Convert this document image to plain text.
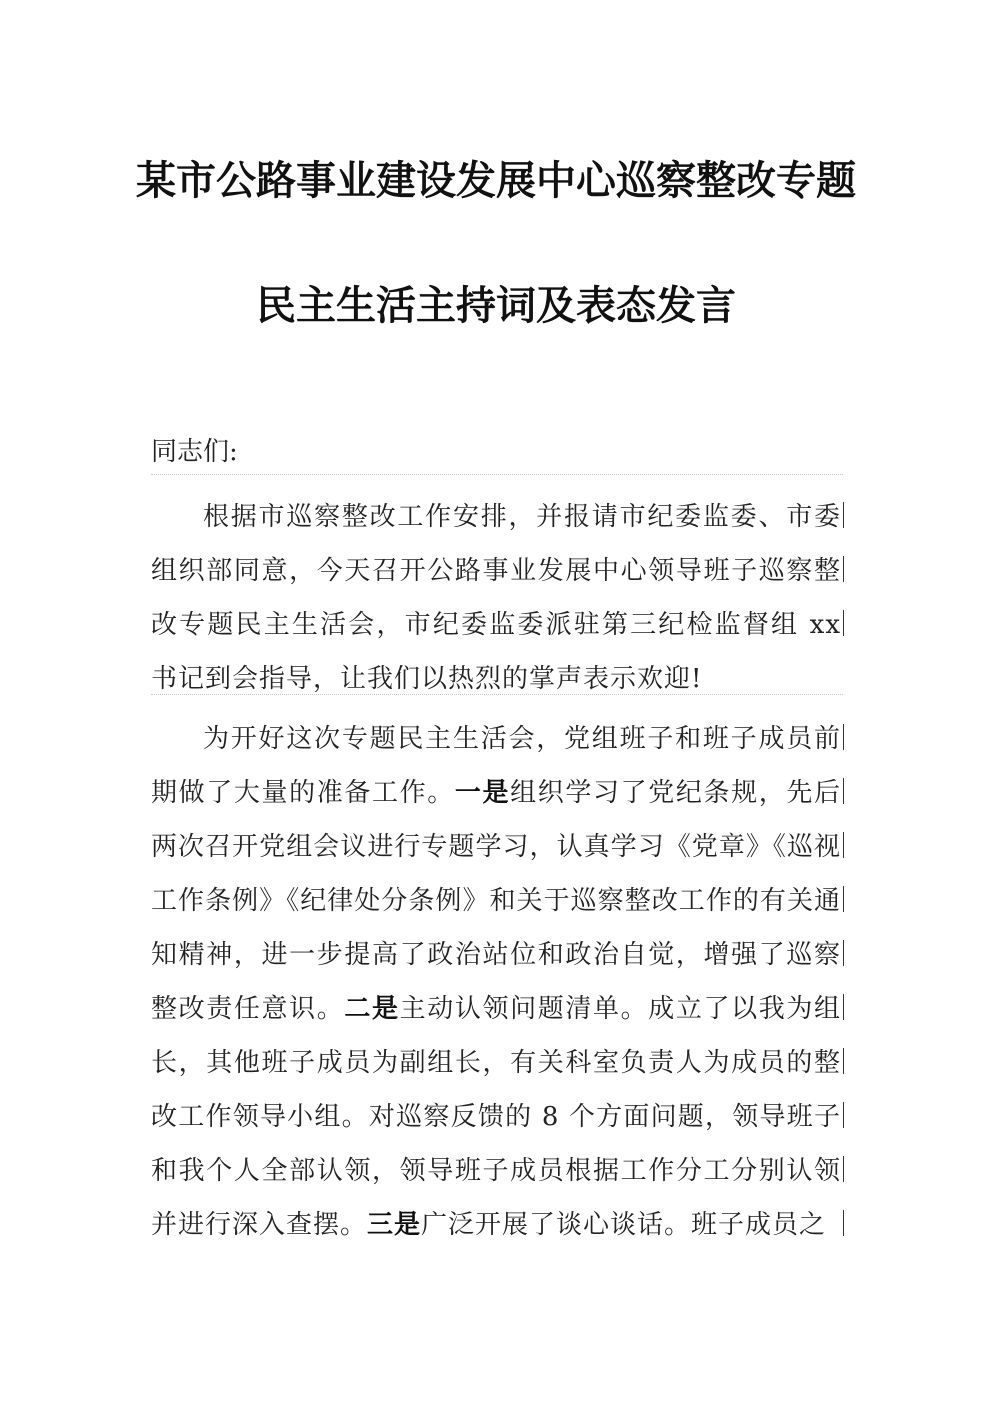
某市公路事业建设发展中心巡察整改专题
民主生活主持词及表态发言
同志们:
根据市巡察整改工作安排，并报请市纪委监委、市委组织部同意，今天召开公路事业发展中心领导班子巡察整改专题民主生活会，市纪委监委派驻第三纪检监督组 xx 书记到会指导，让我们以热烈的掌声表示欢迎!
为开好这次专题民主生活会，党组班子和班子成员前期做了大量的准备工作。一是组织学习了党纪条规，先后两次召开党组会议进行专题学习，认真学习《党章》《巡视工作条例》《纪律处分条例》和关于巡察整改工作的有关通知精神，进一步提高了政治站位和政治自觉，增强了巡察整改责任意识。二是主动认领问题清单。成立了以我为组长，其他班子成员为副组长，有关科室负责人为成员的整改工作领导小组。对巡察反馈的 8 个方面问题，领导班子和我个人全部认领，领导班子成员根据工作分工分别认领并进行深入查摆。三是广泛开展了谈心谈话。班子成员之
